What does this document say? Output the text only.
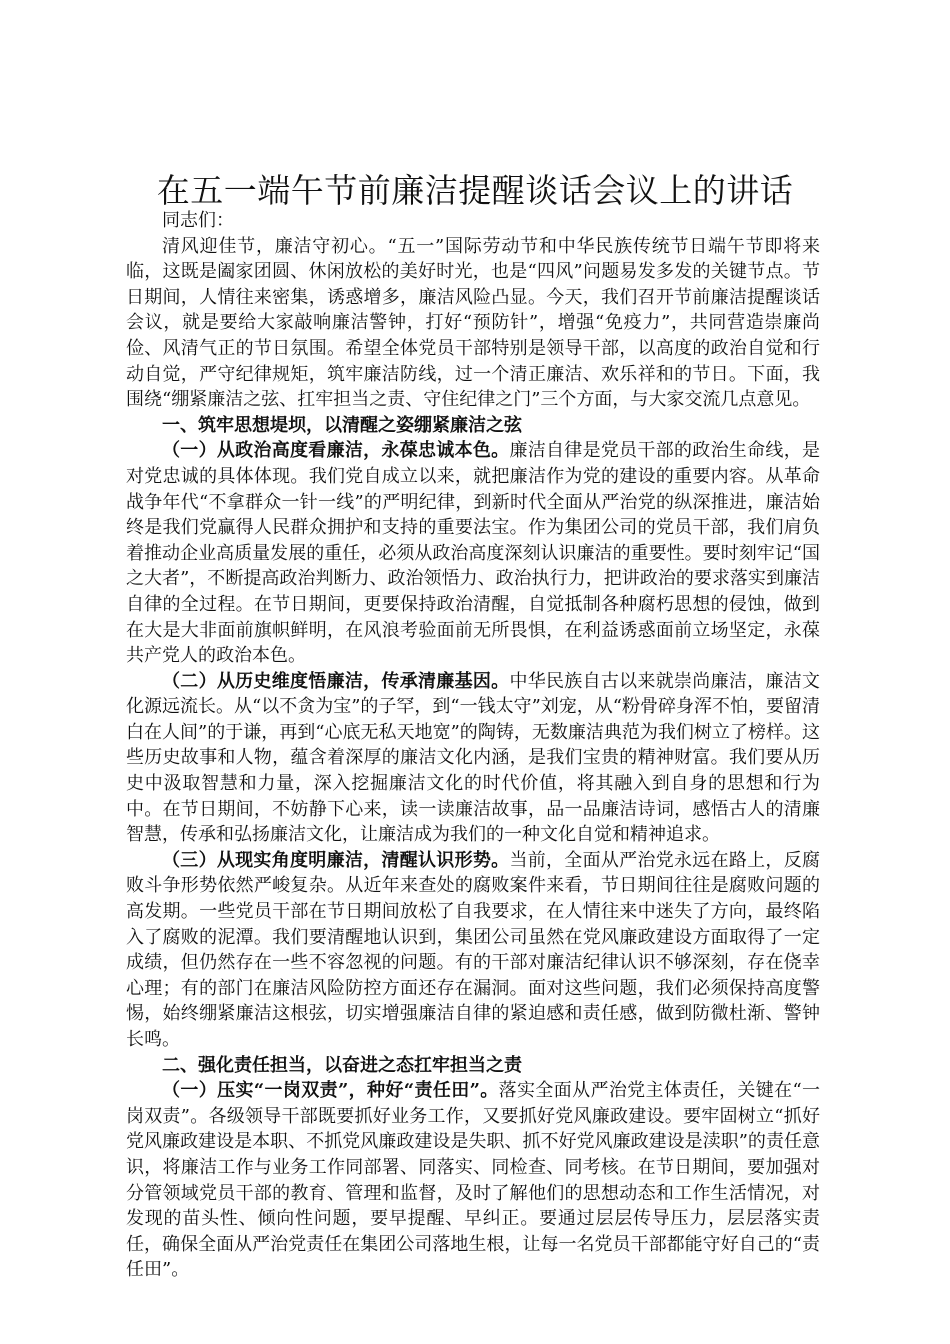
在五一端午节前廉洁提醒谈话会议上的讲话

同志们：

清风迎佳节，廉洁守初心。“五一”国际劳动节和中华民族传统节日端午节即将来临，这既是阖家团圆、休闲放松的美好时光，也是“四风”问题易发多发的关键节点。节日期间，人情往来密集，诱惑增多，廉洁风险凸显。今天，我们召开节前廉洁提醒谈话会议，就是要给大家敲响廉洁警钟，打好“预防针”，增强“免疫力”，共同营造崇廉尚俭、风清气正的节日氛围。希望全体党员干部特别是领导干部，以高度的政治自觉和行动自觉，严守纪律规矩，筑牢廉洁防线，过一个清正廉洁、欢乐祥和的节日。下面，我围绕“绷紧廉洁之弦、扛牢担当之责、守住纪律之门”三个方面，与大家交流几点意见。

一、筑牢思想堤坝，以清醒之姿绷紧廉洁之弦

（一）从政治高度看廉洁，永葆忠诚本色。廉洁自律是党员干部的政治生命线，是对党忠诚的具体体现。我们党自成立以来，就把廉洁作为党的建设的重要内容。从革命战争年代“不拿群众一针一线”的严明纪律，到新时代全面从严治党的纵深推进，廉洁始终是我们党赢得人民群众拥护和支持的重要法宝。作为集团公司的党员干部，我们肩负着推动企业高质量发展的重任，必须从政治高度深刻认识廉洁的重要性。要时刻牢记“国之大者”，不断提高政治判断力、政治领悟力、政治执行力，把讲政治的要求落实到廉洁自律的全过程。在节日期间，更要保持政治清醒，自觉抵制各种腐朽思想的侵蚀，做到在大是大非面前旗帜鲜明，在风浪考验面前无所畏惧，在利益诱惑面前立场坚定，永葆共产党人的政治本色。

（二）从历史维度悟廉洁，传承清廉基因。中华民族自古以来就崇尚廉洁，廉洁文化源远流长。从“以不贪为宝”的子罕，到“一钱太守”刘宠，从“粉骨碎身浑不怕，要留清白在人间”的于谦，再到“心底无私天地宽”的陶铸，无数廉洁典范为我们树立了榜样。这些历史故事和人物，蕴含着深厚的廉洁文化内涵，是我们宝贵的精神财富。我们要从历史中汲取智慧和力量，深入挖掘廉洁文化的时代价值，将其融入到自身的思想和行为中。在节日期间，不妨静下心来，读一读廉洁故事，品一品廉洁诗词，感悟古人的清廉智慧，传承和弘扬廉洁文化，让廉洁成为我们的一种文化自觉和精神追求。

（三）从现实角度明廉洁，清醒认识形势。当前，全面从严治党永远在路上，反腐败斗争形势依然严峻复杂。从近年来查处的腐败案件来看，节日期间往往是腐败问题的高发期。一些党员干部在节日期间放松了自我要求，在人情往来中迷失了方向，最终陷入了腐败的泥潭。我们要清醒地认识到，集团公司虽然在党风廉政建设方面取得了一定成绩，但仍然存在一些不容忽视的问题。有的干部对廉洁纪律认识不够深刻，存在侥幸心理；有的部门在廉洁风险防控方面还存在漏洞。面对这些问题，我们必须保持高度警惕，始终绷紧廉洁这根弦，切实增强廉洁自律的紧迫感和责任感，做到防微杜渐、警钟长鸣。

二、强化责任担当，以奋进之态扛牢担当之责

（一）压实“一岗双责”，种好“责任田”。落实全面从严治党主体责任，关键在“一岗双责”。各级领导干部既要抓好业务工作，又要抓好党风廉政建设。要牢固树立“抓好党风廉政建设是本职、不抓党风廉政建设是失职、抓不好党风廉政建设是渎职”的责任意识，将廉洁工作与业务工作同部署、同落实、同检查、同考核。在节日期间，要加强对分管领域党员干部的教育、管理和监督，及时了解他们的思想动态和工作生活情况，对发现的苗头性、倾向性问题，要早提醒、早纠正。要通过层层传导压力，层层落实责任，确保全面从严治党责任在集团公司落地生根，让每一名党员干部都能守好自己的“责任田”。
